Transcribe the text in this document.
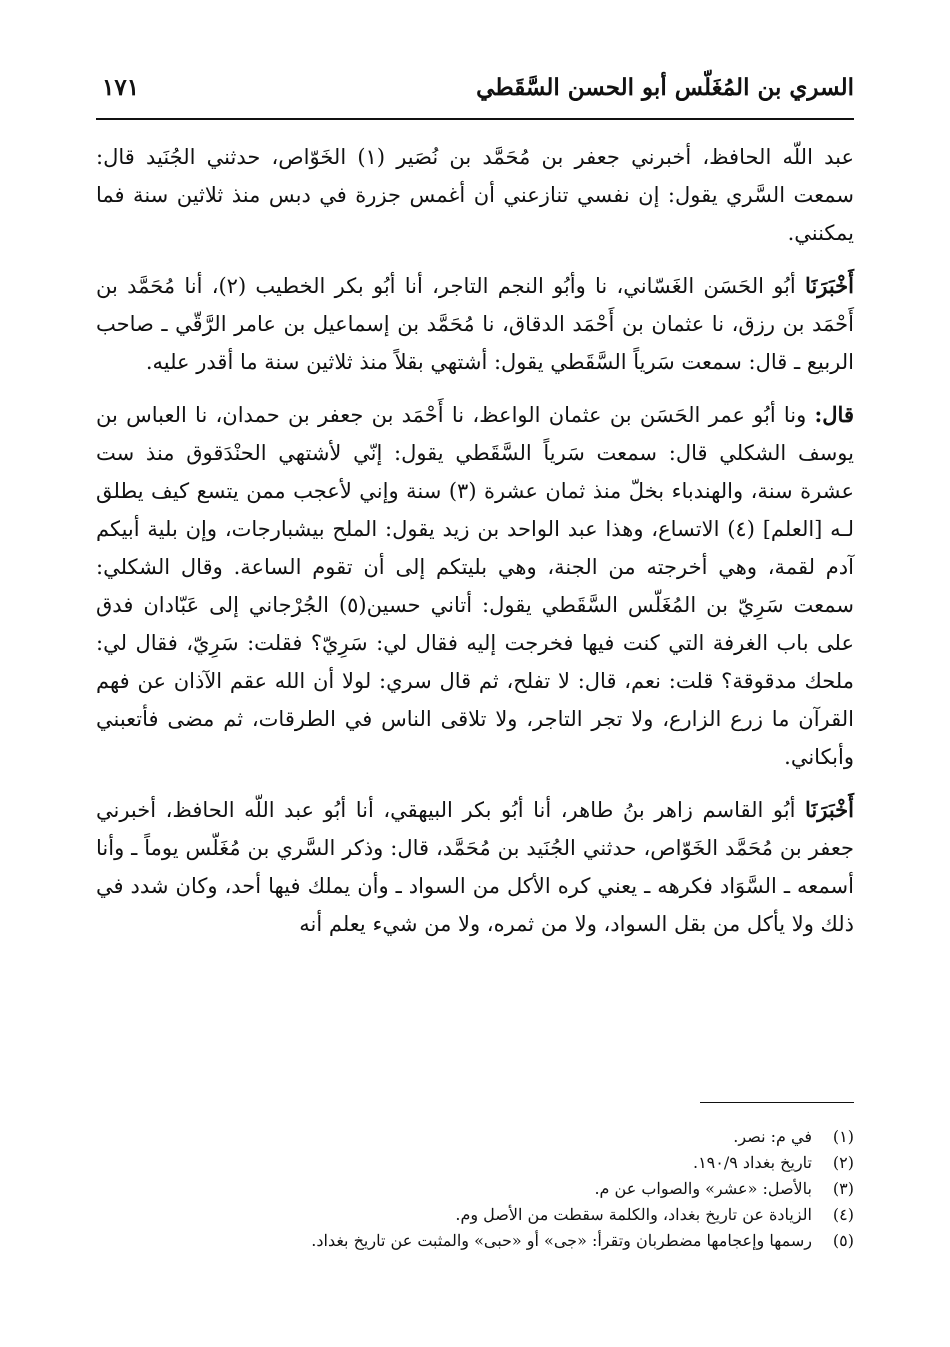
السري بن المُغَلّس أبو الحسن السَّقَطي
١٧١

عبد اللّه الحافظ، أخبرني جعفر بن مُحَمَّد بن نُصَير (١) الخَوّاص، حدثني الجُنَيد قال: سمعت السَّري يقول: إن نفسي تنازعني أن أغمس جزرة في دبس منذ ثلاثين سنة فما يمكنني.

أَخْبَرَنَا أبُو الحَسَن الغَسّاني، نا وأبُو النجم التاجر، أنا أبُو بكر الخطيب (٢)، أنا مُحَمَّد بن أَحْمَد بن رزق، نا عثمان بن أَحْمَد الدقاق، نا مُحَمَّد بن إسماعيل بن عامر الرَّقّي ـ صاحب الربيع ـ قال: سمعت سَرياً السَّقَطي يقول: أشتهي بقلاً منذ ثلاثين سنة ما أقدر عليه.

قال: ونا أبُو عمر الحَسَن بن عثمان الواعظ، نا أَحْمَد بن جعفر بن حمدان، نا العباس بن يوسف الشكلي قال: سمعت سَرياً السَّقَطي يقول: إنّي لأشتهي الحنْدَقوق منذ ست عشرة سنة، والهندباء بخلّ منذ ثمان عشرة (٣) سنة وإني لأعجب ممن يتسع كيف يطلق لـه [العلم] (٤) الاتساع، وهذا عبد الواحد بن زيد يقول: الملح بيشبارجات، وإن بلية أبيكم آدم لقمة، وهي أخرجته من الجنة، وهي بليتكم إلى أن تقوم الساعة. وقال الشكلي: سمعت سَرِيّ بن المُغَلّس السَّقَطي يقول: أتاني حسين(٥) الجُرْجاني إلى عَبّادان فدق على باب الغرفة التي كنت فيها فخرجت إليه فقال لي: سَرِيّ؟ فقلت: سَرِيّ، فقال لي: ملحك مدقوقة؟ قلت: نعم، قال: لا تفلح، ثم قال سري: لولا أن الله عقم الآذان عن فهم القرآن ما زرع الزارع، ولا تجر التاجر، ولا تلاقى الناس في الطرقات، ثم مضى فأتعبني وأبكاني.

أَخْبَرَنَا أبُو القاسم زاهر بنُ طاهر، أنا أبُو بكر البيهقي، أنا أبُو عبد اللّه الحافظ، أخبرني جعفر بن مُحَمَّد الخَوّاص، حدثني الجُنَيد بن مُحَمَّد، قال: وذكر السَّري بن مُغَلّس يوماً ـ وأنا أسمعه ـ السَّوَاد فكرهه ـ يعني كره الأكل من السواد ـ وأن يملك فيها أحد، وكان شدد في ذلك ولا يأكل من بقل السواد، ولا من ثمره، ولا من شيء يعلم أنه

(١)في م: نصر.
(٢)تاريخ بغداد ١٩٠/٩.
(٣)بالأصل: «عشر» والصواب عن م.
(٤)الزيادة عن تاريخ بغداد، والكلمة سقطت من الأصل وم.
(٥)رسمها وإعجامها مضطربان وتقرأ: «جى» أو «حبى» والمثبت عن تاريخ بغداد.
